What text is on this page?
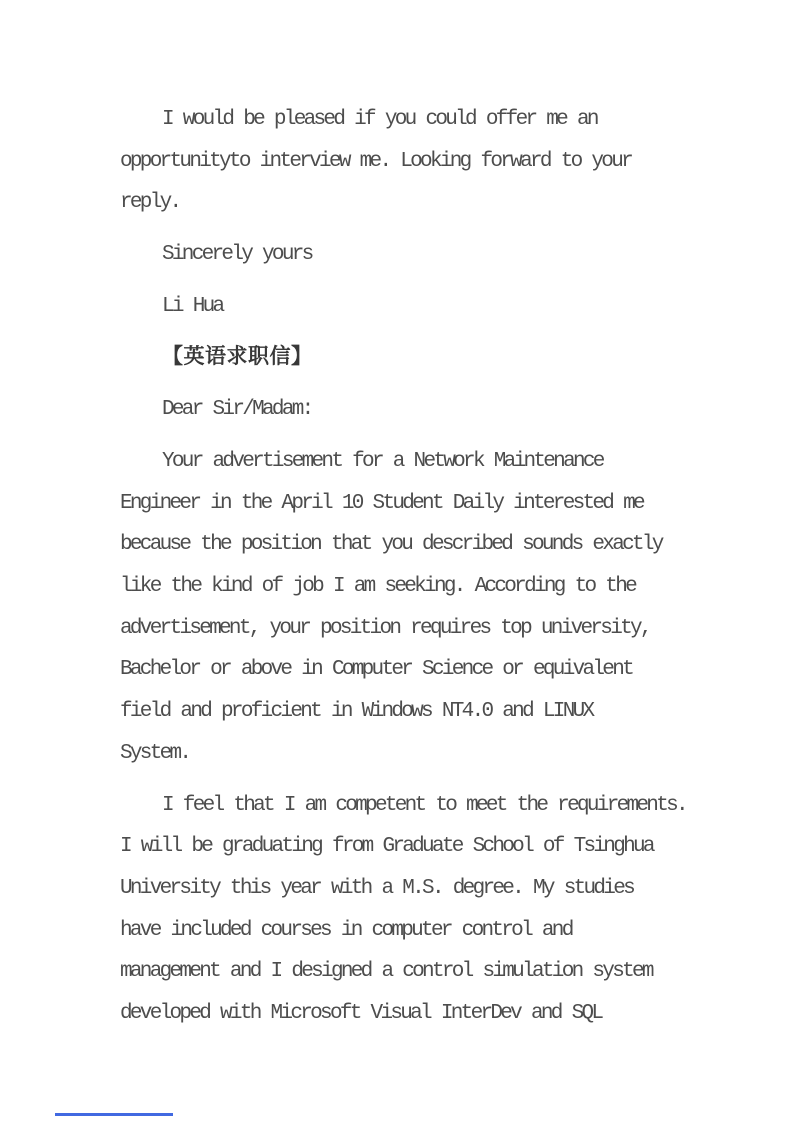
I would be pleased if you could offer me an
opportunityto interview me. Looking forward to your
reply.
Sincerely yours
Li Hua
【英语求职信】
Dear Sir/Madam:
Your advertisement for a Network Maintenance
Engineer in the April 10 Student Daily interested me
because the position that you described sounds exactly
like the kind of job I am seeking. According to the
advertisement, your position requires top university,
Bachelor or above in Computer Science or equivalent
field and proficient in Windows NT4.0 and LINUX
System.
I feel that I am competent to meet the requirements.
I will be graduating from Graduate School of Tsinghua
University this year with a M.S. degree. My studies
have included courses in computer control and
management and I designed a control simulation system
developed with Microsoft Visual InterDev and SQL
